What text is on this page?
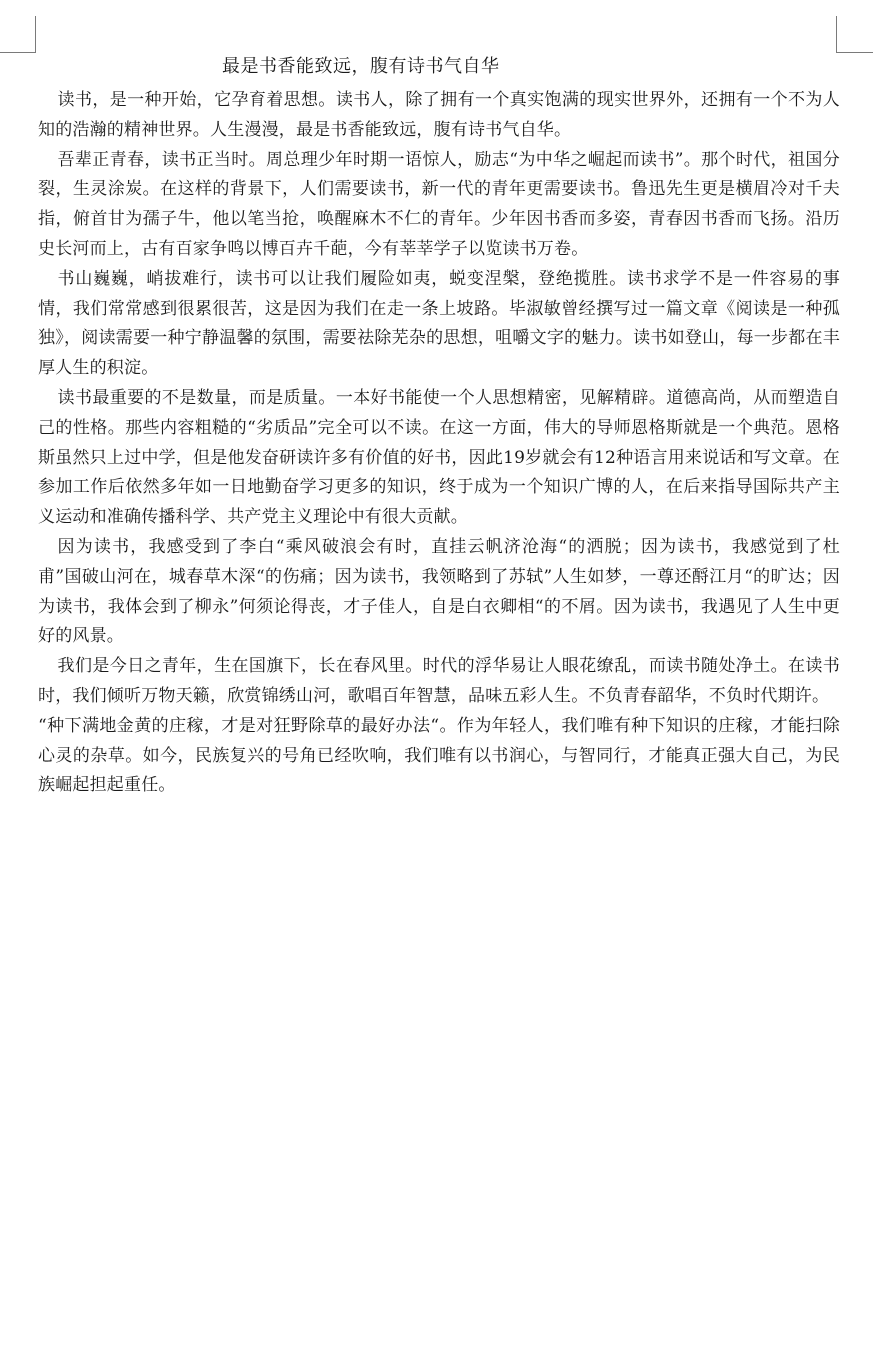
最是书香能致远，腹有诗书气自华

读书，是一种开始，它孕育着思想。读书人，除了拥有一个真实饱满的现实世界外，还拥有一个不为人知的浩瀚的精神世界。人生漫漫，最是书香能致远，腹有诗书气自华。

吾辈正青春，读书正当时。周总理少年时期一语惊人，励志“为中华之崛起而读书”。那个时代，祖国分裂，生灵涂炭。在这样的背景下，人们需要读书，新一代的青年更需要读书。鲁迅先生更是横眉冷对千夫指，俯首甘为孺子牛，他以笔当抢，唤醒麻木不仁的青年。少年因书香而多姿，青春因书香而飞扬。沿历史长河而上，古有百家争鸣以博百卉千葩，今有莘莘学子以览读书万卷。

书山巍巍，峭拔难行，读书可以让我们履险如夷，蜕变涅槃，登绝揽胜。读书求学不是一件容易的事情，我们常常感到很累很苦，这是因为我们在走一条上坡路。毕淑敏曾经撰写过一篇文章《阅读是一种孤独》，阅读需要一种宁静温馨的氛围，需要祛除芜杂的思想，咀嚼文字的魅力。读书如登山，每一步都在丰厚人生的积淀。

读书最重要的不是数量，而是质量。一本好书能使一个人思想精密，见解精辟。道德高尚，从而塑造自己的性格。那些内容粗糙的“劣质品”完全可以不读。在这一方面，伟大的导师恩格斯就是一个典范。恩格斯虽然只上过中学，但是他发奋研读许多有价值的好书，因此19岁就会有12种语言用来说话和写文章。在参加工作后依然多年如一日地勤奋学习更多的知识，终于成为一个知识广博的人，在后来指导国际共产主义运动和准确传播科学、共产党主义理论中有很大贡献。

因为读书，我感受到了李白“乘风破浪会有时，直挂云帆济沧海“的洒脱；因为读书，我感觉到了杜甫”国破山河在，城春草木深“的伤痛；因为读书，我领略到了苏轼”人生如梦，一尊还酹江月“的旷达；因为读书，我体会到了柳永”何须论得丧，才子佳人，自是白衣卿相“的不屑。因为读书，我遇见了人生中更好的风景。

我们是今日之青年，生在国旗下，长在春风里。时代的浮华易让人眼花缭乱，而读书随处净土。在读书时，我们倾听万物天籁，欣赏锦绣山河，歌唱百年智慧，品味五彩人生。不负青春韶华，不负时代期许。

“种下满地金黄的庄稼，才是对狂野除草的最好办法“。作为年轻人，我们唯有种下知识的庄稼，才能扫除心灵的杂草。如今，民族复兴的号角已经吹响，我们唯有以书润心，与智同行，才能真正强大自己，为民族崛起担起重任。
